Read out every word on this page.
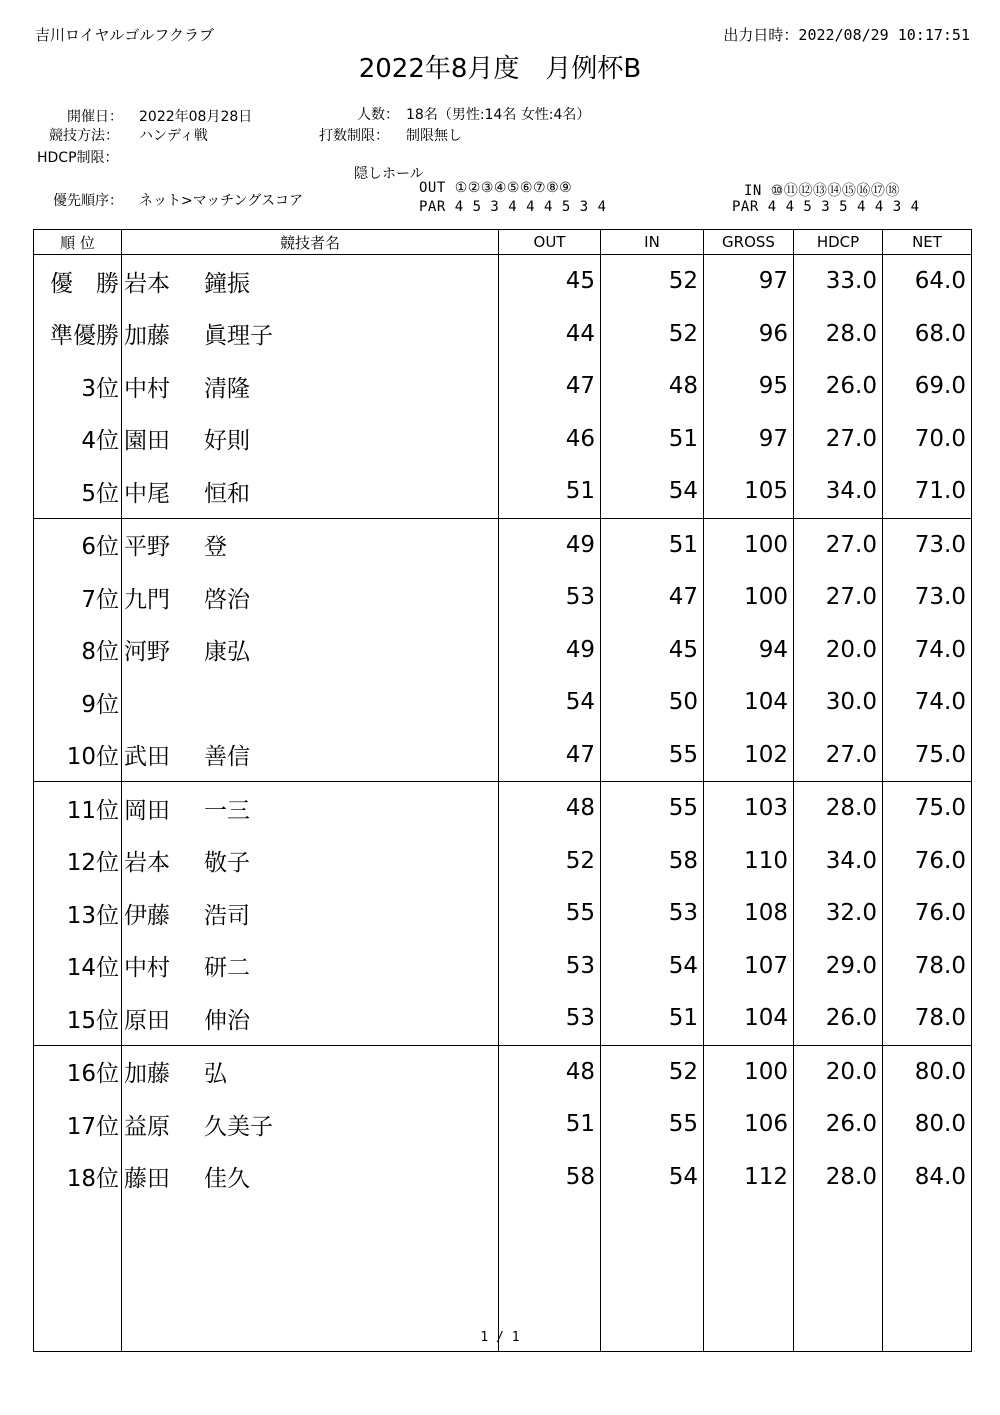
吉川ロイヤルゴルフクラブ	出力日時：2022/08/29 10:17:51
2022年8月度　月例杯B
開催日： 2022年08月28日	人数： 18名（男性:14名 女性:4名）
競技方法： ハンディ戦	打数制限： 制限無し
HDCP制限：
隠しホール
OUT ①②③④⑤⑥⑦⑧⑨
PAR 4 5 3 4 4 4 5 3 4
IN ⑩⑪⑫⑬⑭⑮⑯⑰⑱
PAR 4 4 5 3 5 4 4 3 4
優先順序： ネット>マッチングスコア
順 位	競技者名	OUT	IN	GROSS	HDCP	NET
優　勝	岩本 鐘振	45	52	97	33.0	64.0
準優勝	加藤 眞理子	44	52	96	28.0	68.0
3位	中村 清隆	47	48	95	26.0	69.0
4位	園田 好則	46	51	97	27.0	70.0
5位	中尾 恒和	51	54	105	34.0	71.0
6位	平野 登	49	51	100	27.0	73.0
7位	九門 啓治	53	47	100	27.0	73.0
8位	河野 康弘	49	45	94	20.0	74.0
9位		54	50	104	30.0	74.0
10位	武田 善信	47	55	102	27.0	75.0
11位	岡田 一三	48	55	103	28.0	75.0
12位	岩本 敬子	52	58	110	34.0	76.0
13位	伊藤 浩司	55	53	108	32.0	76.0
14位	中村 研二	53	54	107	29.0	78.0
15位	原田 伸治	53	51	104	26.0	78.0
16位	加藤 弘	48	52	100	20.0	80.0
17位	益原 久美子	51	55	106	26.0	80.0
18位	藤田 佳久	58	54	112	28.0	84.0

1 / 1
